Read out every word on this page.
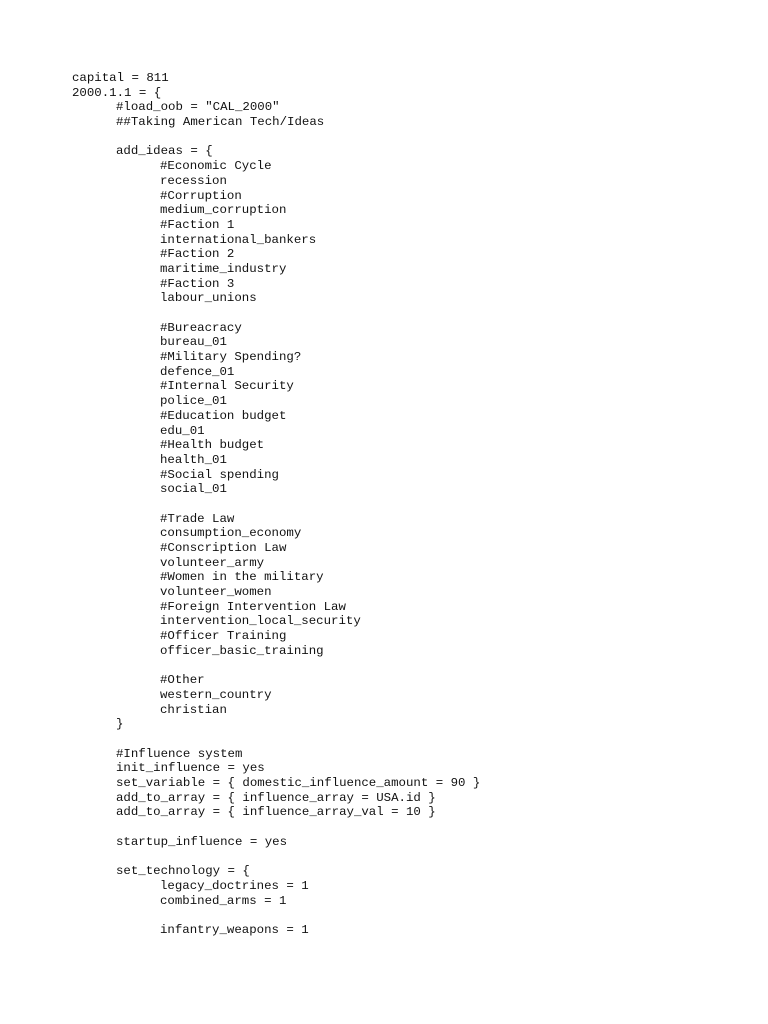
capital = 811
2000.1.1 = {
#load_oob = "CAL_2000"
##Taking American Tech/Ideas
add_ideas = {
#Economic Cycle
recession
#Corruption
medium_corruption
#Faction 1
international_bankers
#Faction 2
maritime_industry
#Faction 3
labour_unions
#Bureacracy
bureau_01
#Military Spending?
defence_01
#Internal Security
police_01
#Education budget
edu_01
#Health budget
health_01
#Social spending
social_01
#Trade Law
consumption_economy
#Conscription Law
volunteer_army
#Women in the military
volunteer_women
#Foreign Intervention Law
intervention_local_security
#Officer Training
officer_basic_training
#Other
western_country
christian
}
#Influence system
init_influence = yes
set_variable = { domestic_influence_amount = 90 }
add_to_array = { influence_array = USA.id }
add_to_array = { influence_array_val = 10 }
startup_influence = yes
set_technology = {
legacy_doctrines = 1
combined_arms = 1
infantry_weapons = 1
